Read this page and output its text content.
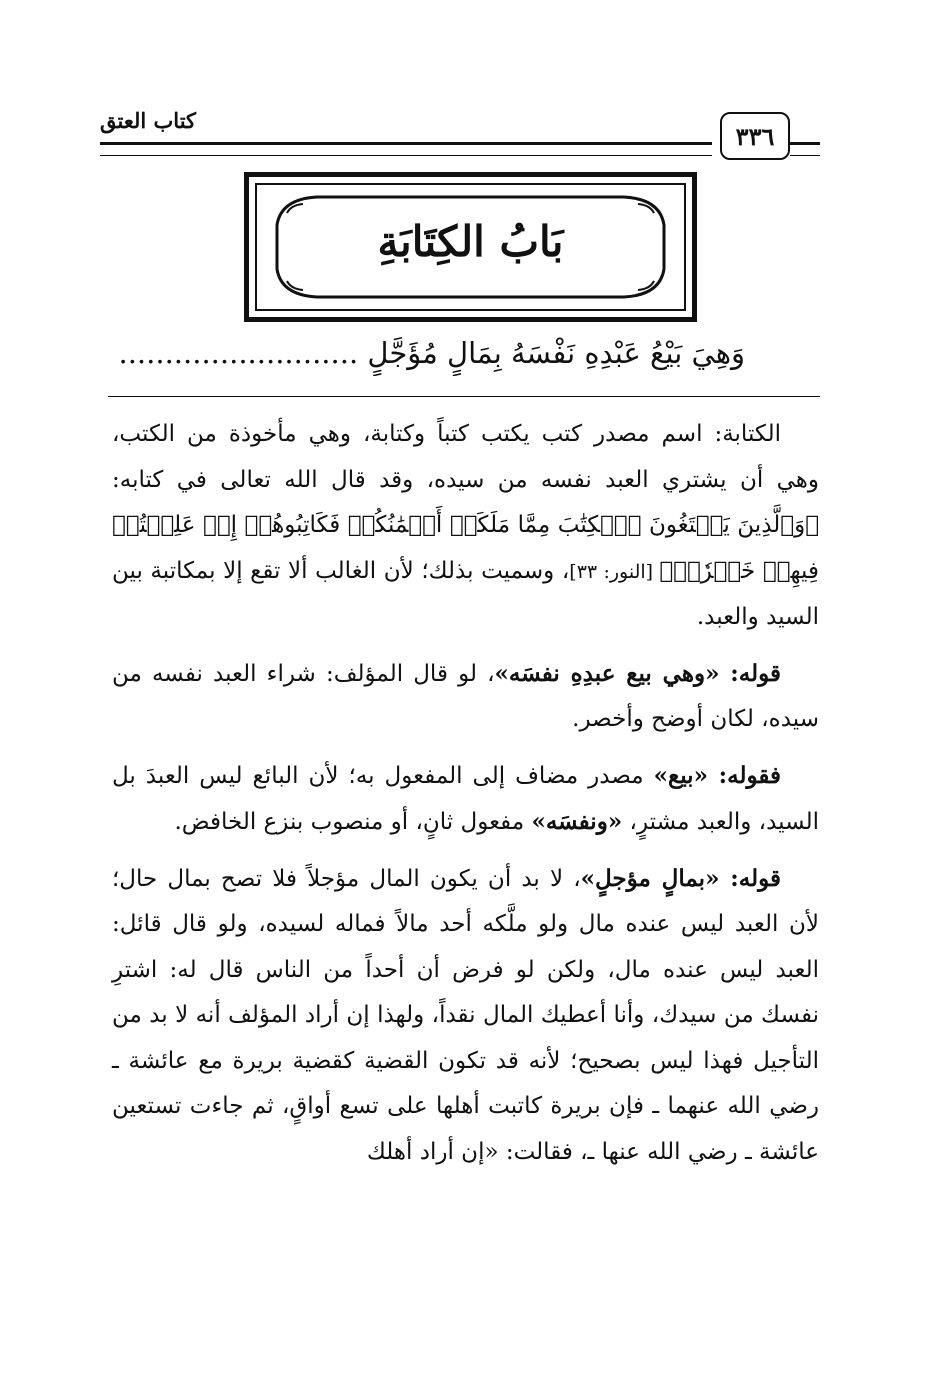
كتاب العتق
٣٣٦
بَابُ الكِتَابَةِ
وَهِيَ بَيْعُ عَبْدِهِ نَفْسَهُ بِمَالٍ مُؤَجَّلٍ ..........................

الكتابة: اسم مصدر كتب يكتب كتباً وكتابة، وهي مأخوذة من الكتب، وهي أن يشتري العبد نفسه من سيده، وقد قال الله تعالى في كتابه: ﴿وَٱلَّذِينَ يَبۡتَغُونَ ٱلۡكِتَٰبَ مِمَّا مَلَكَتۡ أَيۡمَٰنُكُمۡ فَكَاتِبُوهُمۡ إِنۡ عَلِمۡتُمۡ فِيهِمۡ خَيۡرٗاۖ﴾ [النور: ٣٣]، وسميت بذلك؛ لأن الغالب ألا تقع إلا بمكاتبة بين السيد والعبد.

قوله: «وهي بيع عبدِهِ نفسَه»، لو قال المؤلف: شراء العبد نفسه من سيده، لكان أوضح وأخصر.

فقوله: «بيع» مصدر مضاف إلى المفعول به؛ لأن البائع ليس العبدَ بل السيد، والعبد مشترٍ، «ونفسَه» مفعول ثانٍ، أو منصوب بنزع الخافض.

قوله: «بمالٍ مؤجلٍ»، لا بد أن يكون المال مؤجلاً فلا تصح بمال حال؛ لأن العبد ليس عنده مال ولو ملَّكه أحد مالاً فماله لسيده، ولو قال قائل: العبد ليس عنده مال، ولكن لو فرض أن أحداً من الناس قال له: اشترِ نفسك من سيدك، وأنا أعطيك المال نقداً، ولهذا إن أراد المؤلف أنه لا بد من التأجيل فهذا ليس بصحيح؛ لأنه قد تكون القضية كقضية بريرة مع عائشة ـ رضي الله عنهما ـ فإن بريرة كاتبت أهلها على تسع أواقٍ، ثم جاءت تستعين عائشة ـ رضي الله عنها ـ، فقالت: «إن أراد أهلك
